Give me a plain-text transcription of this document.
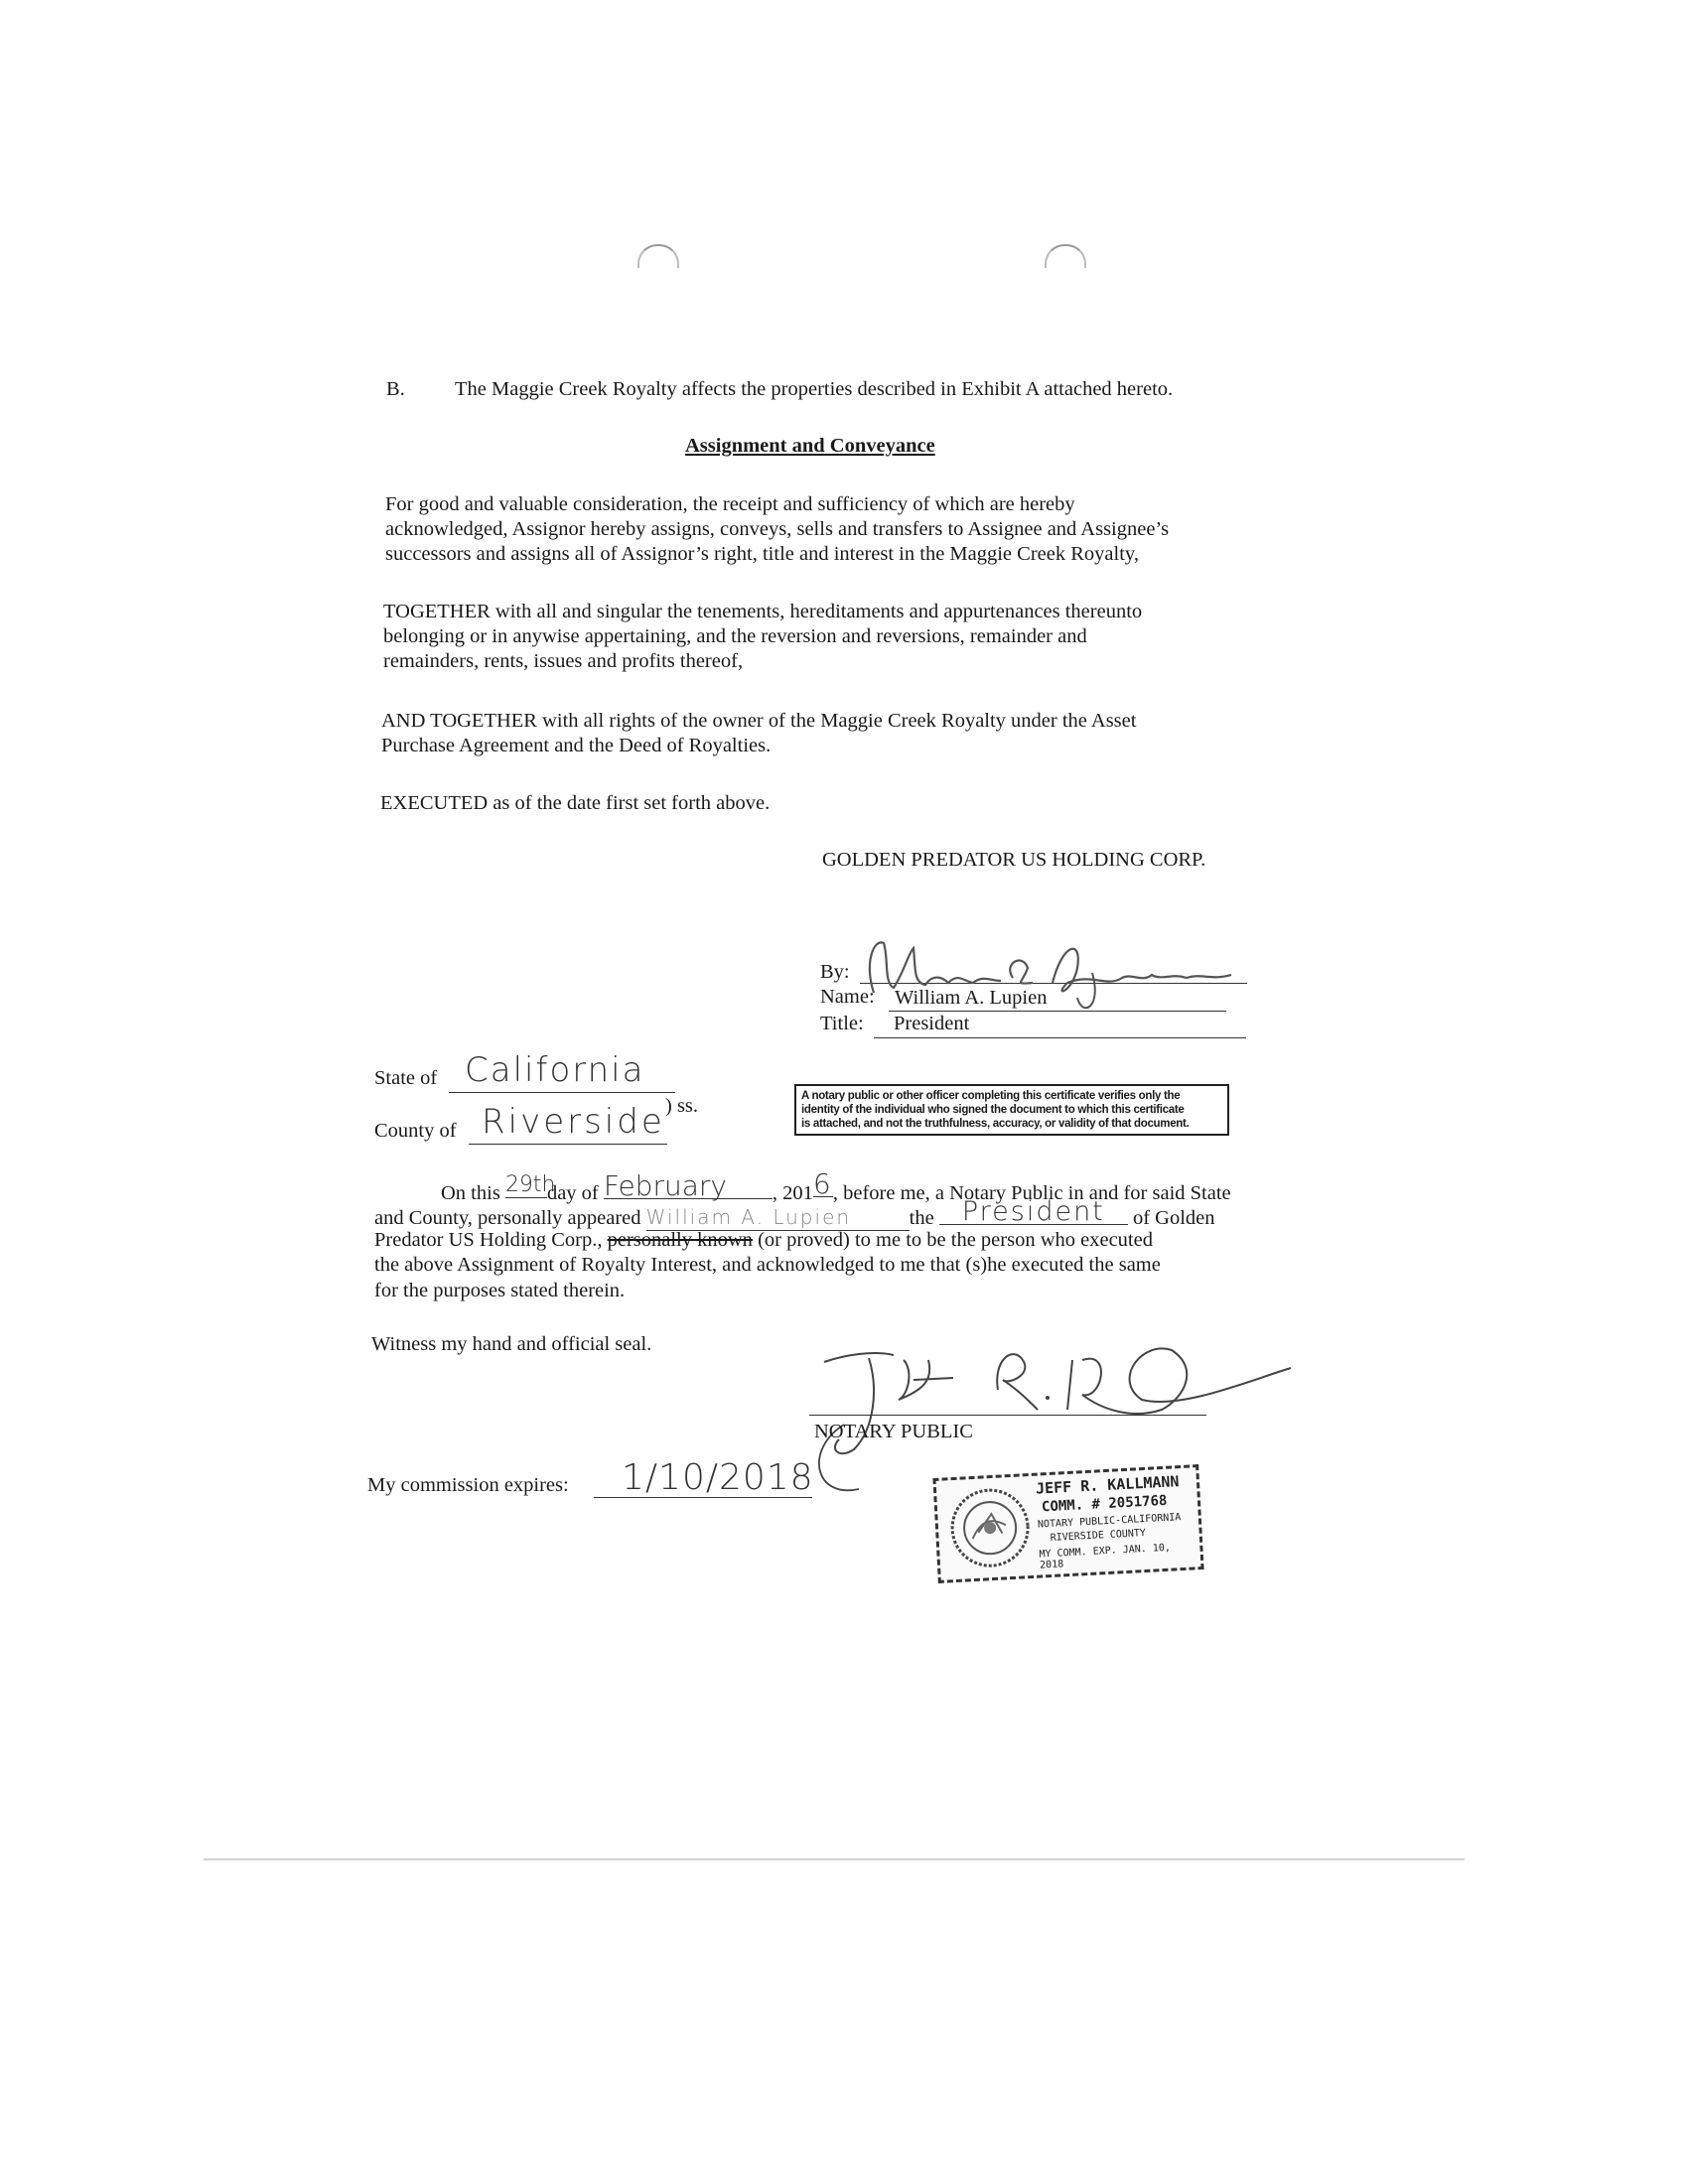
B. The Maggie Creek Royalty affects the properties described in Exhibit A attached hereto.
Assignment and Conveyance
For good and valuable consideration, the receipt and sufficiency of which are hereby
acknowledged, Assignor hereby assigns, conveys, sells and transfers to Assignee and Assignee’s
successors and assigns all of Assignor’s right, title and interest in the Maggie Creek Royalty,
TOGETHER with all and singular the tenements, hereditaments and appurtenances thereunto
belonging or in anywise appertaining, and the reversion and reversions, remainder and
remainders, rents, issues and profits thereof,
AND TOGETHER with all rights of the owner of the Maggie Creek Royalty under the Asset
Purchase Agreement and the Deed of Royalties.
EXECUTED as of the date first set forth above.
GOLDEN PREDATOR US HOLDING CORP.
By:
Name: William A. Lupien
Title: President
State of California
) ss.
County of Riverside
A notary public or other officer completing this certificate verifies only the
identity of the individual who signed the document to which this certificate
is attached, and not the truthfulness, accuracy, or validity of that document.
On this 29thday of February , 2016 , before me, a Notary Public in and for said State
and County, personally appeared William A. Lupien	the President of Golden
Predator US Holding Corp., personally known (or proved) to me to be the person who executed
the above Assignment of Royalty Interest, and acknowledged to me that (s)he executed the same
for the purposes stated therein.
Witness my hand and official seal.
NOTARY PUBLIC
My commission expires: 1/10/2018	JEFF R. KALLMANN
COMM. # 2051768
NOTARY PUBLIC-CALIFORNIA
RIVERSIDE COUNTY
MY COMM. EXP. JAN. 10, 2018
